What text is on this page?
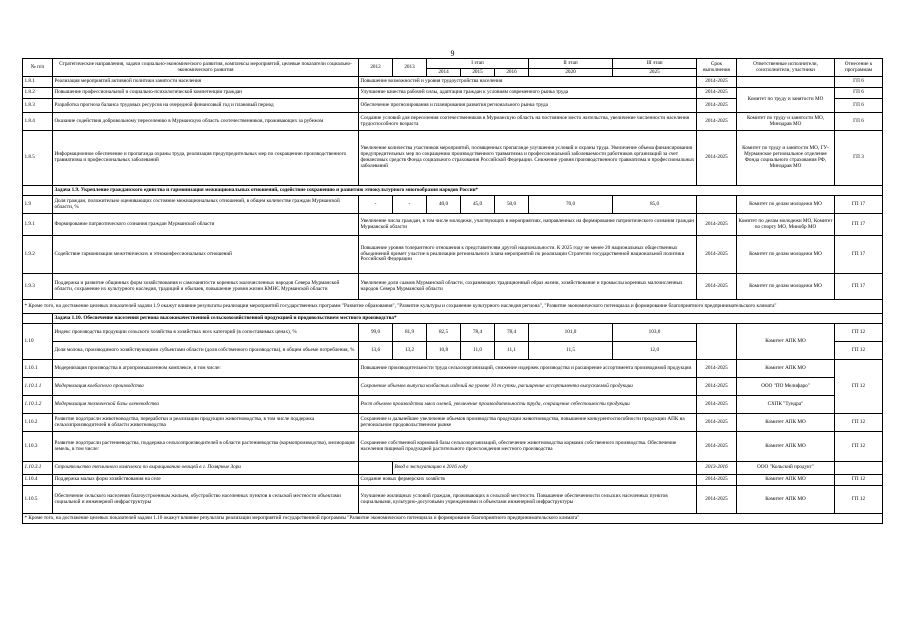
9
№ п/п	Стратегические направления, задачи социально-экономического развития, комплексы мероприятий, целевые показатели социально-экономического развития	2012	2013	I этап			II этап	III этап	Срок выполнения	Ответственные исполнители, соисполнители, участники	Отнесение к программам
				2014	2015	2016	2020	2025			
1.8.1	Реализация мероприятий активной политики занятости населения	Повышение возможностей и уровня трудоустройства населения							2014-2025		ГП 6
1.8.2	Повышение профессиональной и социально-психологической компетенции граждан	Улучшение качества рабочей силы, адаптация граждан к условиям современного рынка труда							2014-2025	Комитет по труду и занятости МО	ГП 6
1.8.3	Разработка прогноза баланса трудовых ресурсов на очередной финансовый год и плановый период	Обеспечение прогнозирования и планирования развития регионального рынка труда							2014-2025		ГП 6
1.8.4	Оказание содействия добровольному переселению в Мурманскую область соотечественников, проживающих за рубежом	Создание условий для переселения соотечественников в Мурманскую область на постоянное место жительства, увеличение численности населения трудоспособного возраста							2014-2025	Комитет по труду и занятости МО, Минздрав МО	ГП 6
1.8.5	Информационное обеспечение и пропаганда охраны труда, реализация предупредительных мер по сокращению производственного травматизма и профессиональных заболеваний	Увеличение количества участников мероприятий, посвященных пропаганде улучшения условий и охраны труда. Увеличение объема финансирования предупредительных мер по сокращению производственного травматизма и профессиональной заболеваемости работников организаций за счет финансовых средств Фонда социального страхования Российской Федерации. Снижение уровня производственного травматизма и профессиональных заболеваний							2014-2025	Комитет по труду и занятости МО, ГУ-Мурманское региональное отделение Фонда социального страхования РФ, Минздрав МО	ГП 3
	Задача 1.9. Укрепление гражданского единства и гармонизация межнациональных отношений, содействие сохранению и развитию этнокультурного многообразия народов России*										
1.9	Доля граждан, положительно оценивающих состояние межнациональных отношений, в общем количестве граждан Мурманской области, %	-	-	40,0	45,0	50,0	70,0	85,0		Комитет по делам молодежи МО	ГП 17
1.9.1	Формирование патриотического сознания граждан Мурманской области	Увеличение числа граждан, в том числе молодежи, участвующих в мероприятиях, направленных на формирование патриотического сознания граждан Мурманской области							2014-2025	Комитет по делам молодежи МО, Комитет по спорту МО, Минобр МО	ГП 17
1.9.2	Содействие гармонизации межэтнических и этноконфессиональных отношений	Повышение уровня толерантного отношения к представителям другой национальности. К 2025 году не менее 20 национальных общественных объединений примет участие в реализации регионального плана мероприятий по реализации Стратегии государственной национальной политики Российской Федерации							2014-2025	Комитет по делам молодежи МО	ГП 17
1.9.3	Поддержка и развитие общинных форм хозяйствования и самозанятости коренных малочисленных народов Севера Мурманской области, сохранение их культурного наследия, традиций и обычаев, повышение уровня жизни КМНС Мурманской области	Увеличение доли саамов Мурманской области, сохраняющих традиционный образ жизни, хозяйствование и промыслы коренных малочисленных народов Севера Мурманской области							2014-2025	Комитет по делам молодежи МО	ГП 17
* Кроме того, на достижение целевых показателей задачи 1.9 окажут влияние результаты реализации мероприятий государственных программ "Развитие образования", "Развитие культуры и сохранение культурного наследия региона", "Развитие экономического потенциала и формирование благоприятного предпринимательского климата"											
	Задача 1.10. Обеспечение населения региона высококачественной сельскохозяйственной продукцией и продовольствием местного производства*										
1.10	Индекс производства продукции сельского хозяйства в хозяйствах всех категорий (в сопоставимых ценах), %	99,0	81,9	82,5	78,4	78,4	101,0	103,0		Комитет АПК МО	ГП 12
	Доля молока, производимого хозяйствующими субъектами области (доля собственного производства), в общем объеме потребления, %	13,6	13,2	10,8	11,0	11,1	11,5	12,0			ГП 12
1.10.1	Модернизация производства в агропромышленном комплексе, в том числе:	Повышение производительности труда сельхозорганизаций, снижение издержек производства и расширение ассортимента производимой продукции							2014-2025	Комитет АПК МО	ГП 12
1.10.1.1	Модернизация колбасного производства	Сохранение объемов выпуска колбасных изделий на уровне 10 т сутки, расширение ассортимента выпускаемой продукции							2014-2025	ООО "ПО Мелифаро"	
1.10.1.2	Модернизация технической базы оленеводства	Рост объемов производства мяса оленей, увеличение производительности труда, сокращение себестоимости продукции							2014-2025	СХПК "Тундра"	
1.10.2	Развитие подотрасли животноводства, переработки и реализации продукции животноводства, в том числе поддержка сельхозпроизводителей в области животноводства	Сохранение и дальнейшее увеличение объемов производства продукции животноводства, повышение конкурентоспособности продукции АПК на региональном продовольственном рынке							2014-2025	Комитет АПК МО	ГП 12
1.10.3	Развитие подотрасли растениеводства, поддержка сельхозпроизводителей в области растениеводства (кормопроизводства), мелиорация земель, в том числе:	Сохранение собственной кормовой базы сельхозорганизаций, обеспечение животноводства кормами собственного производства. Обеспечение населения пищевой продукцией растительного происхождения местного производства							2014-2025	Комитет АПК МО	ГП 12
1.10.3.1	Строительство тепличного комплекса по выращиванию овощей в г. Полярные Зори		Ввод в эксплуатацию в 2016 году						2013-2016	ООО "Кольский продукт"	
1.10.4	Поддержка малых форм хозяйствования на селе	Создание новых фермерских хозяйств							2014-2025	Комитет АПК МО	ГП 12
1.10.5	Обеспечение сельского населения благоустроенным жильем, обустройство населенных пунктов в сельской местности объектами социальной и инженерной инфраструктуры	Улучшение жилищных условий граждан, проживающих в сельской местности. Повышение обеспеченности сельских населенных пунктов социальными, культурно-досуговыми учреждениями и объектами инженерной инфраструктуры							2014-2025	Комитет АПК МО	ГП 12
* Кроме того, на достижение целевых показателей задачи 1.10 окажут влияние результаты реализации мероприятий государственной программы "Развитие экономического потенциала и формирование благоприятного предпринимательского климата"											
